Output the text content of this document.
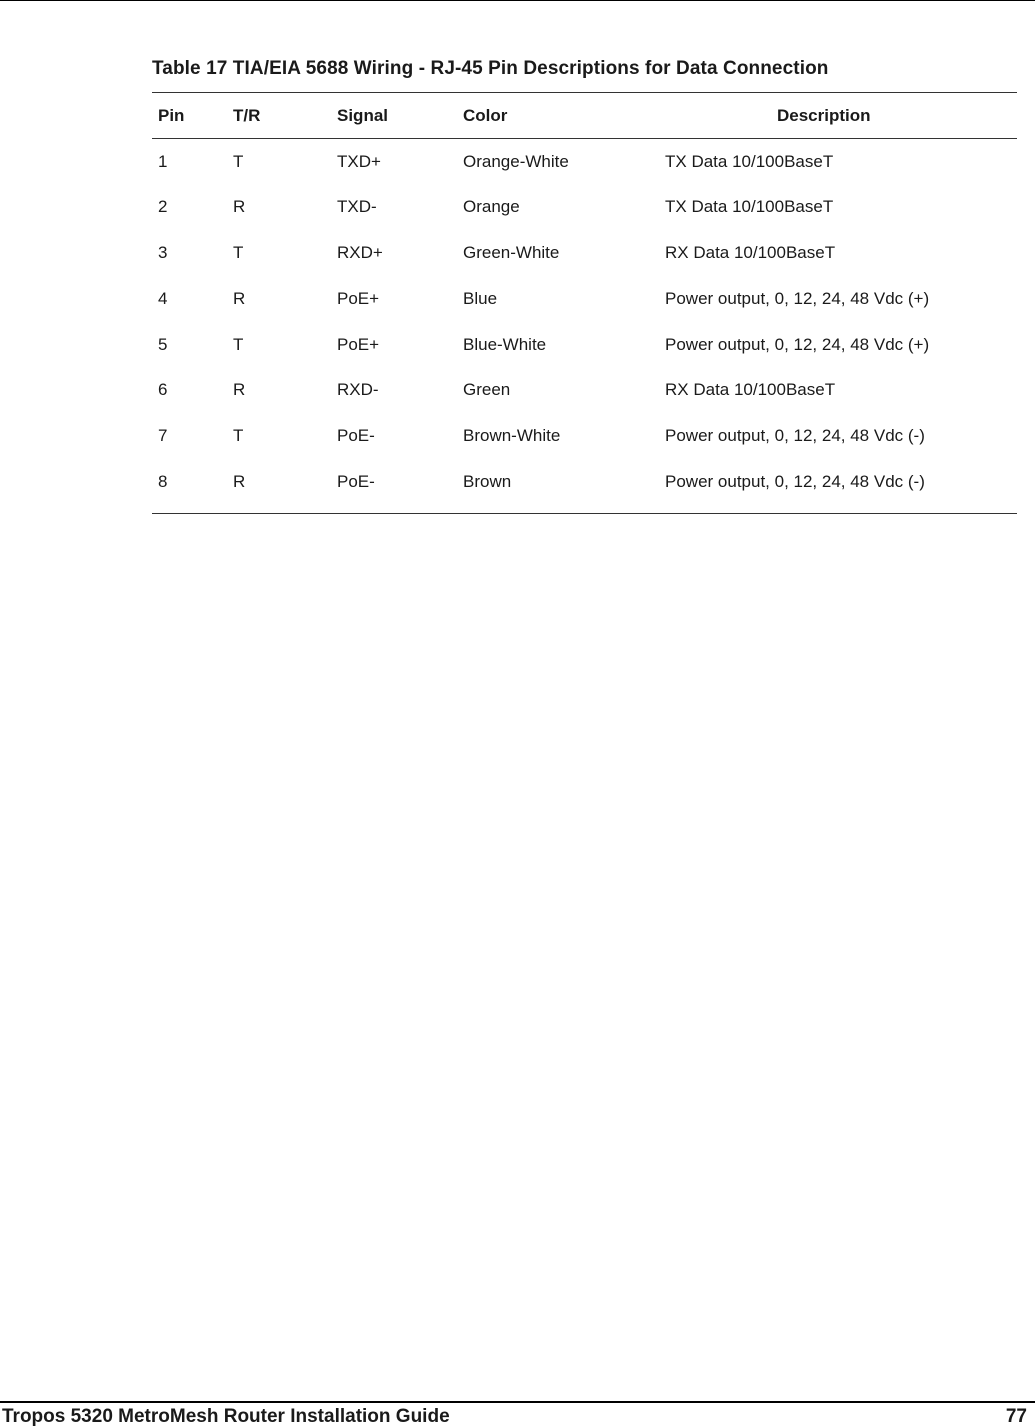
Table 17 TIA/EIA 5688 Wiring - RJ-45 Pin Descriptions for Data Connection
Pin	T/R	Signal	Color	Description
1	T	TXD+	Orange-White	TX Data 10/100BaseT
2	R	TXD-	Orange	TX Data 10/100BaseT
3	T	RXD+	Green-White	RX Data 10/100BaseT
4	R	PoE+	Blue	Power output, 0, 12, 24, 48 Vdc (+)
5	T	PoE+	Blue-White	Power output, 0, 12, 24, 48 Vdc (+)
6	R	RXD-	Green	RX Data 10/100BaseT
7	T	PoE-	Brown-White	Power output, 0, 12, 24, 48 Vdc (-)
8	R	PoE-	Brown	Power output, 0, 12, 24, 48 Vdc (-)
Tropos 5320 MetroMesh Router Installation Guide	77
